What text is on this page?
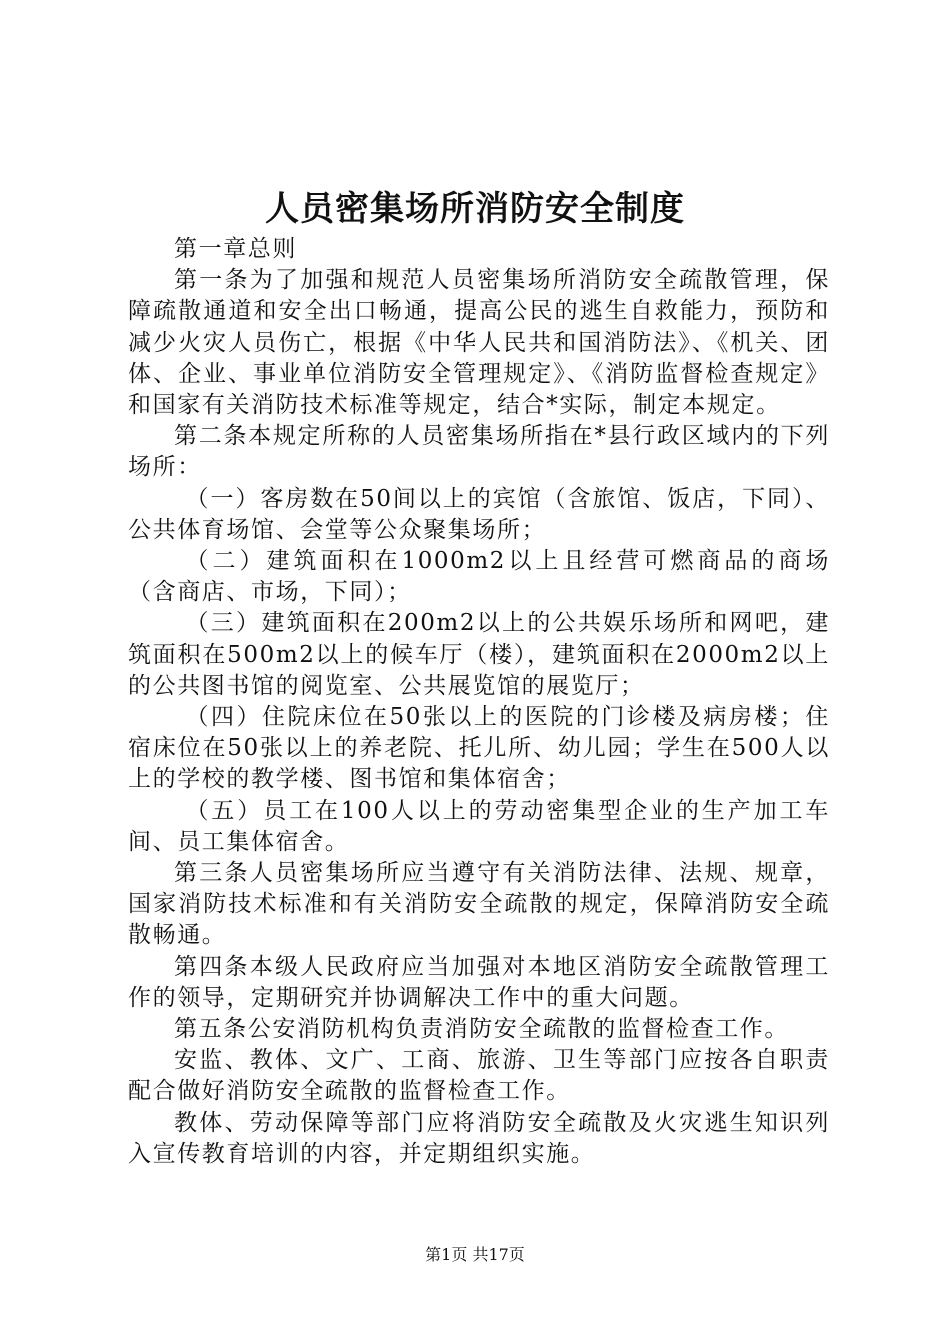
人员密集场所消防安全制度

第一章总则

第一条为了加强和规范人员密集场所消防安全疏散管理，保障疏散通道和安全出口畅通，提高公民的逃生自救能力，预防和减少火灾人员伤亡，根据《中华人民共和国消防法》、《机关、团体、企业、事业单位消防安全管理规定》、《消防监督检查规定》和国家有关消防技术标准等规定，结合*实际，制定本规定。

第二条本规定所称的人员密集场所指在*县行政区域内的下列场所：

（一）客房数在50间以上的宾馆（含旅馆、饭店，下同）、公共体育场馆、会堂等公众聚集场所；

（二）建筑面积在1000m2以上且经营可燃商品的商场（含商店、市场，下同）；

（三）建筑面积在200m2以上的公共娱乐场所和网吧，建筑面积在500m2以上的候车厅（楼），建筑面积在2000m2以上的公共图书馆的阅览室、公共展览馆的展览厅；

（四）住院床位在50张以上的医院的门诊楼及病房楼；住宿床位在50张以上的养老院、托儿所、幼儿园；学生在500人以上的学校的教学楼、图书馆和集体宿舍；

（五）员工在100人以上的劳动密集型企业的生产加工车间、员工集体宿舍。

第三条人员密集场所应当遵守有关消防法律、法规、规章，国家消防技术标准和有关消防安全疏散的规定，保障消防安全疏散畅通。

第四条本级人民政府应当加强对本地区消防安全疏散管理工作的领导，定期研究并协调解决工作中的重大问题。

第五条公安消防机构负责消防安全疏散的监督检查工作。

安监、教体、文广、工商、旅游、卫生等部门应按各自职责配合做好消防安全疏散的监督检查工作。

教体、劳动保障等部门应将消防安全疏散及火灾逃生知识列入宣传教育培训的内容，并定期组织实施。

第1页 共17页
